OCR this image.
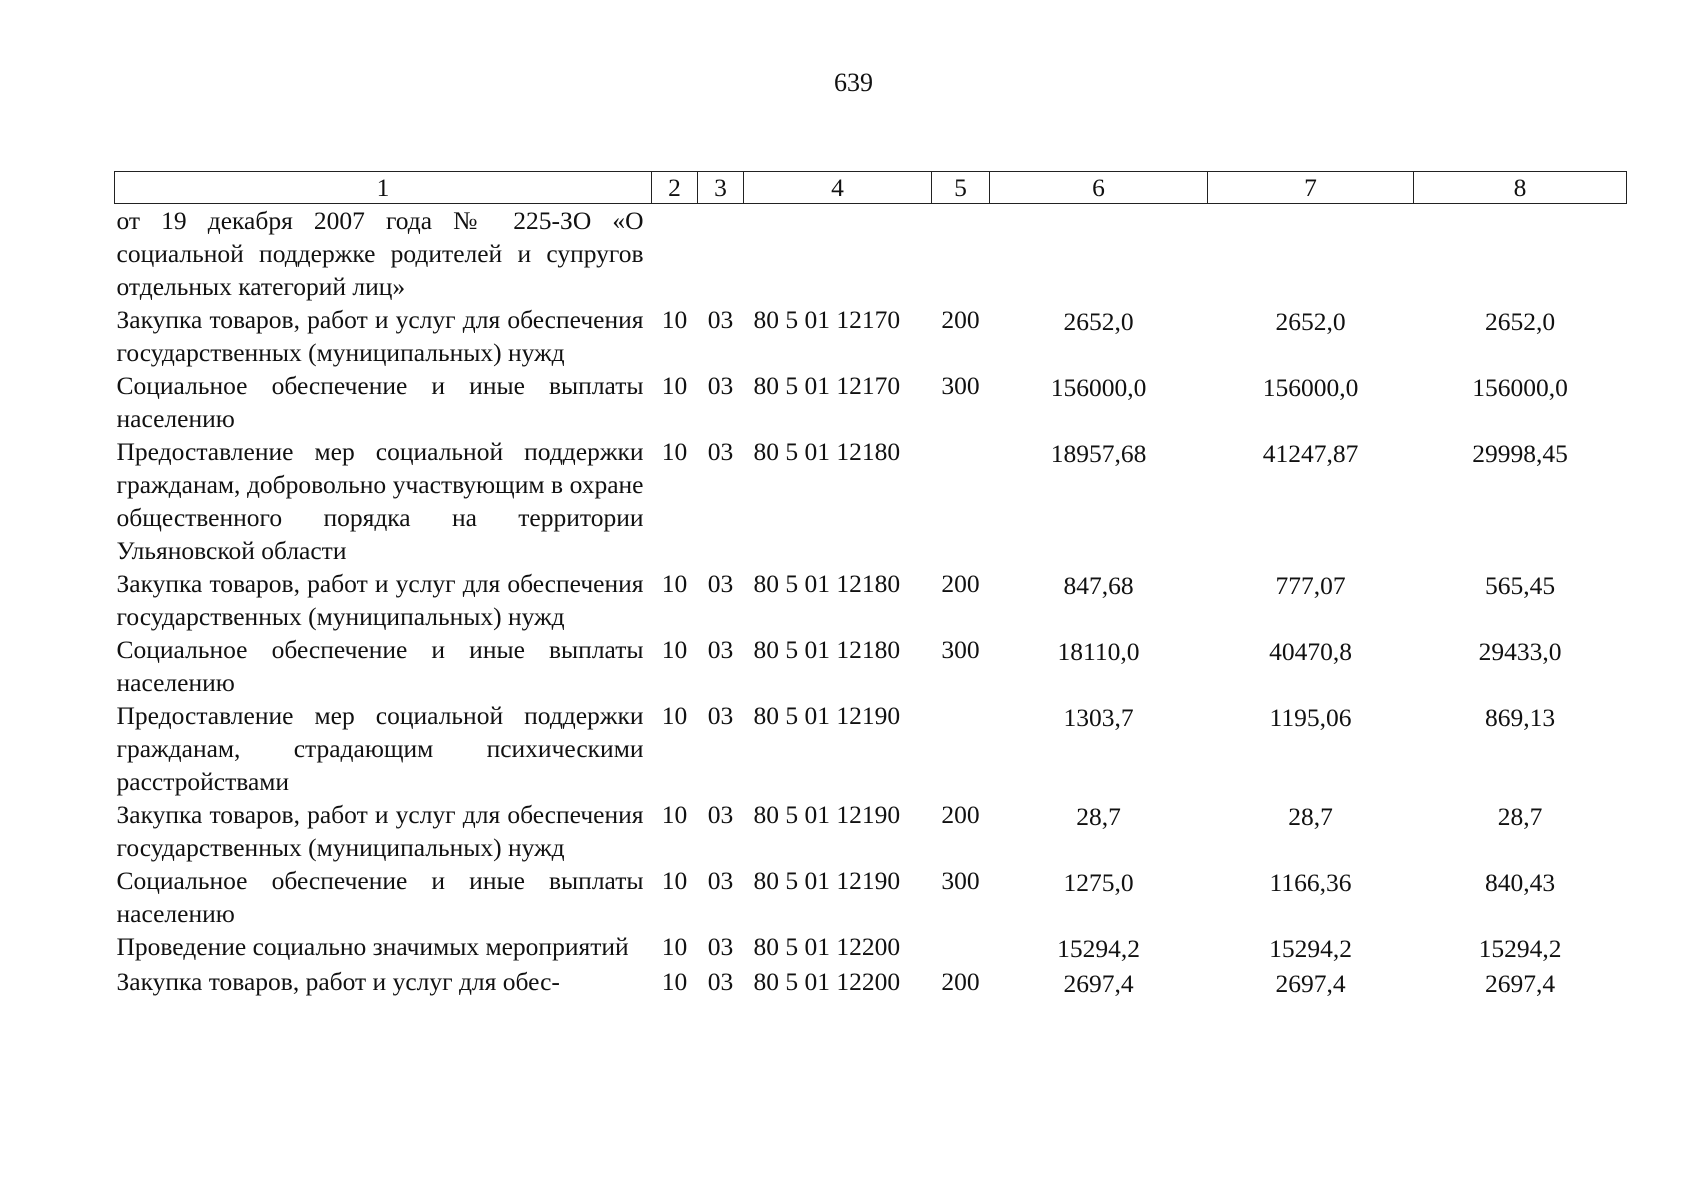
639
1	2	3	4	5	6	7	8
от 19 декабря 2007 года № 225-ЗО «О социальной поддержке родителей и супругов отдельных категорий лиц»							
Закупка товаров, работ и услуг для обеспечения государственных (муниципальных) нужд	10	03	80 5 01 12170	200	2652,0	2652,0	2652,0
Социальное обеспечение и иные выплаты населению	10	03	80 5 01 12170	300	156000,0	156000,0	156000,0
Предоставление мер социальной поддержки гражданам, добровольно участвующим в охране общественного порядка на территории Ульяновской области	10	03	80 5 01 12180		18957,68	41247,87	29998,45
Закупка товаров, работ и услуг для обеспечения государственных (муниципальных) нужд	10	03	80 5 01 12180	200	847,68	777,07	565,45
Социальное обеспечение и иные выплаты населению	10	03	80 5 01 12180	300	18110,0	40470,8	29433,0
Предоставление мер социальной поддержки гражданам, страдающим психическими расстройствами	10	03	80 5 01 12190		1303,7	1195,06	869,13
Закупка товаров, работ и услуг для обеспечения государственных (муниципальных) нужд	10	03	80 5 01 12190	200	28,7	28,7	28,7
Социальное обеспечение и иные выплаты населению	10	03	80 5 01 12190	300	1275,0	1166,36	840,43
Проведение социально значимых мероприятий	10	03	80 5 01 12200		15294,2	15294,2	15294,2
Закупка товаров, работ и услуг для обес-	10	03	80 5 01 12200	200	2697,4	2697,4	2697,4
